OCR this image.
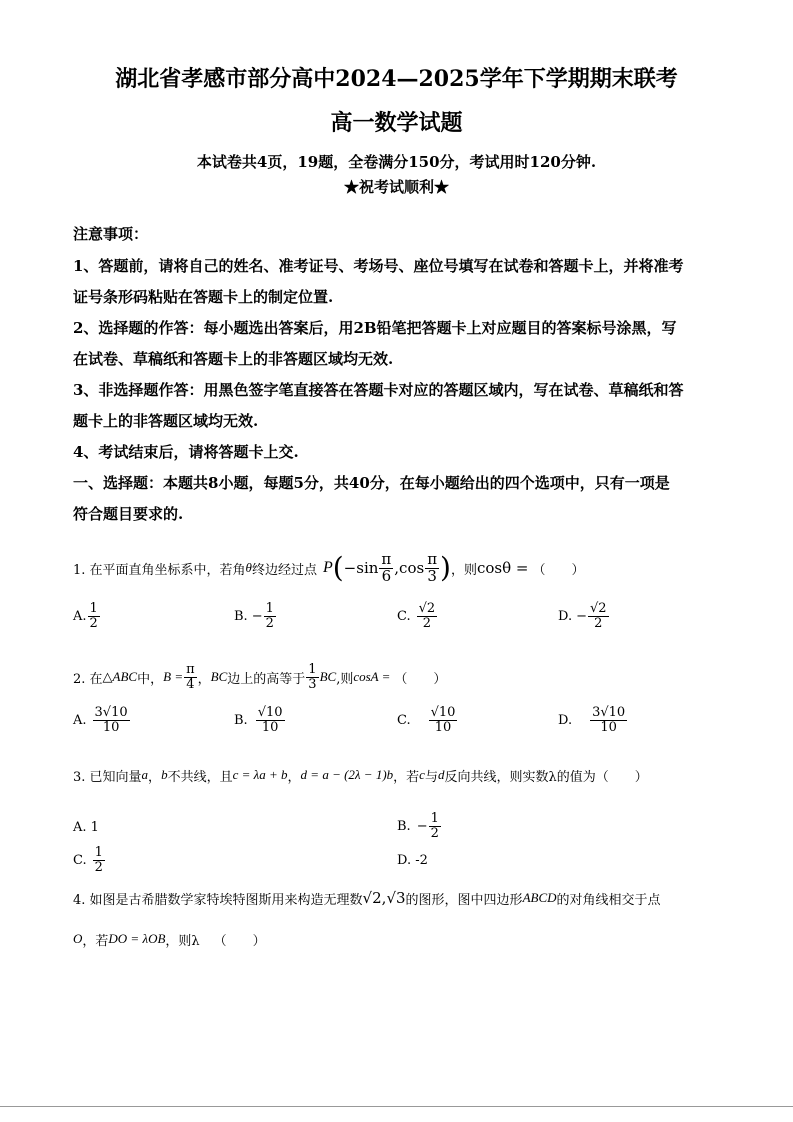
湖北省孝感市部分高中2024—2025学年下学期期末联考
高一数学试题
本试卷共4页，19题，全卷满分150分，考试用时120分钟.
★祝考试顺利★
注意事项：
1、答题前，请将自己的姓名、准考证号、考场号、座位号填写在试卷和答题卡上，并将准考
证号条形码粘贴在答题卡上的制定位置.
2、选择题的作答：每小题选出答案后，用2B铅笔把答题卡上对应题目的答案标号涂黑，写
在试卷、草稿纸和答题卡上的非答题区域均无效.
3、非选择题作答：用黑色签字笔直接答在答题卡对应的答题区域内，写在试卷、草稿纸和答
题卡上的非答题区域均无效.
4、考试结束后，请将答题卡上交.
一、选择题：本题共8小题，每题5分，共40分，在每小题给出的四个选项中，只有一项是
符合题目要求的.
1. 在平面直角坐标系中，若角 θ 终边经过点 P ( $-\sin \frac{\pi}{6}$ , $\cos \frac{\pi}{3}$ ) ，则 cosθ = （　　）
A. $\frac{1}{2}$	B. − $\frac{1}{2}$	C. $\frac{√2}{2}$	D. − $\frac{√2}{2}$
2. 在 △ABC 中， $B = \frac{\pi}{4}$ ， BC 边上的高等于 $\frac{1}{3}$ BC ,则 cosA = （　　）
A. $\frac{3√10}{10}$	B. $\frac{√10}{10}$	C. $\frac{√10}{10}$	D. $\frac{3√10}{10}$
3. 已知向量 a ， b 不共线，且 c = λa + b ， d = a − (2λ − 1)b ，若 c 与 d 反向共线，则实数λ的值为（　　）
A. 1	B. − $\frac{1}{2}$
C. $\frac{1}{2}$	D. -2
4. 如图是古希腊数学家特埃特图斯用来构造无理数 √2 , √3 的图形，图中四边形 ABCD 的对角线相交于点
O ，若 DO = λOB ，则λ （　　）
